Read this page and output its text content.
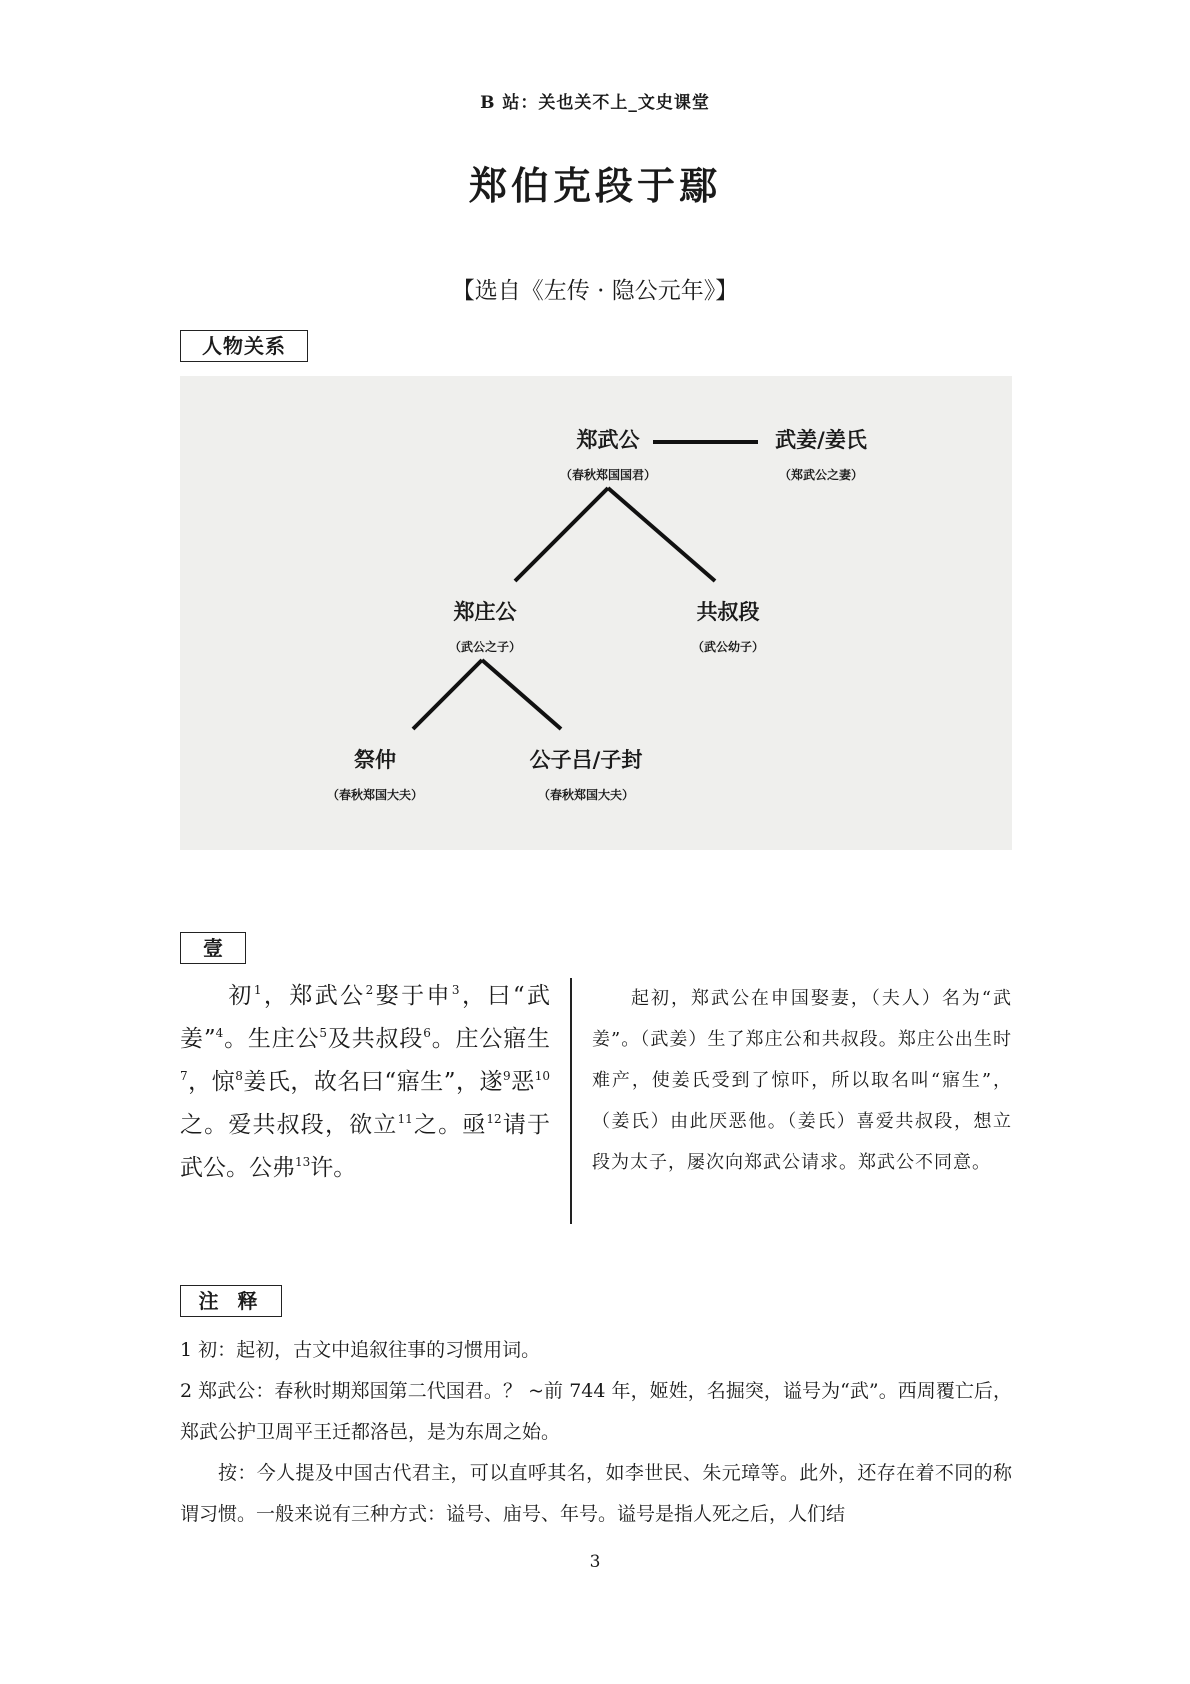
B 站：关也关不上_文史课堂
郑伯克段于鄢
【选自《左传 · 隐公元年》】
人物关系
郑武公
（春秋郑国国君）
武姜/姜氏
（郑武公之妻）
郑庄公
（武公之子）
共叔段
（武公幼子）
祭仲
（春秋郑国大夫）
公子吕/子封
（春秋郑国大夫）
壹
初$^1$，郑武公$^2$娶于申$^3$，曰“武姜”$^4$。生庄公$^5$及共叔段$^6$。庄公寤生$^7$，惊$^8$姜氏，故名曰“寤生”，遂$^9$恶$^{10}$之。爱共叔段，欲立$^{11}$之。亟$^{12}$请于武公。公弗$^{13}$许。
起初，郑武公在申国娶妻，（夫人）名为“武姜”。（武姜）生了郑庄公和共叔段。郑庄公出生时难产，使姜氏受到了惊吓，所以取名叫“寤生”，（姜氏）由此厌恶他。（姜氏）喜爱共叔段，想立段为太子，屡次向郑武公请求。郑武公不同意。
注 释

1 初：起初，古文中追叙往事的习惯用词。

2 郑武公：春秋时期郑国第二代国君。？ ~前 744 年，姬姓，名掘突，谥号为“武”。西周覆亡后，郑武公护卫周平王迁都洛邑，是为东周之始。

按：今人提及中国古代君主，可以直呼其名，如李世民、朱元璋等。此外，还存在着不同的称谓习惯。一般来说有三种方式：谥号、庙号、年号。谥号是指人死之后，人们结

3
